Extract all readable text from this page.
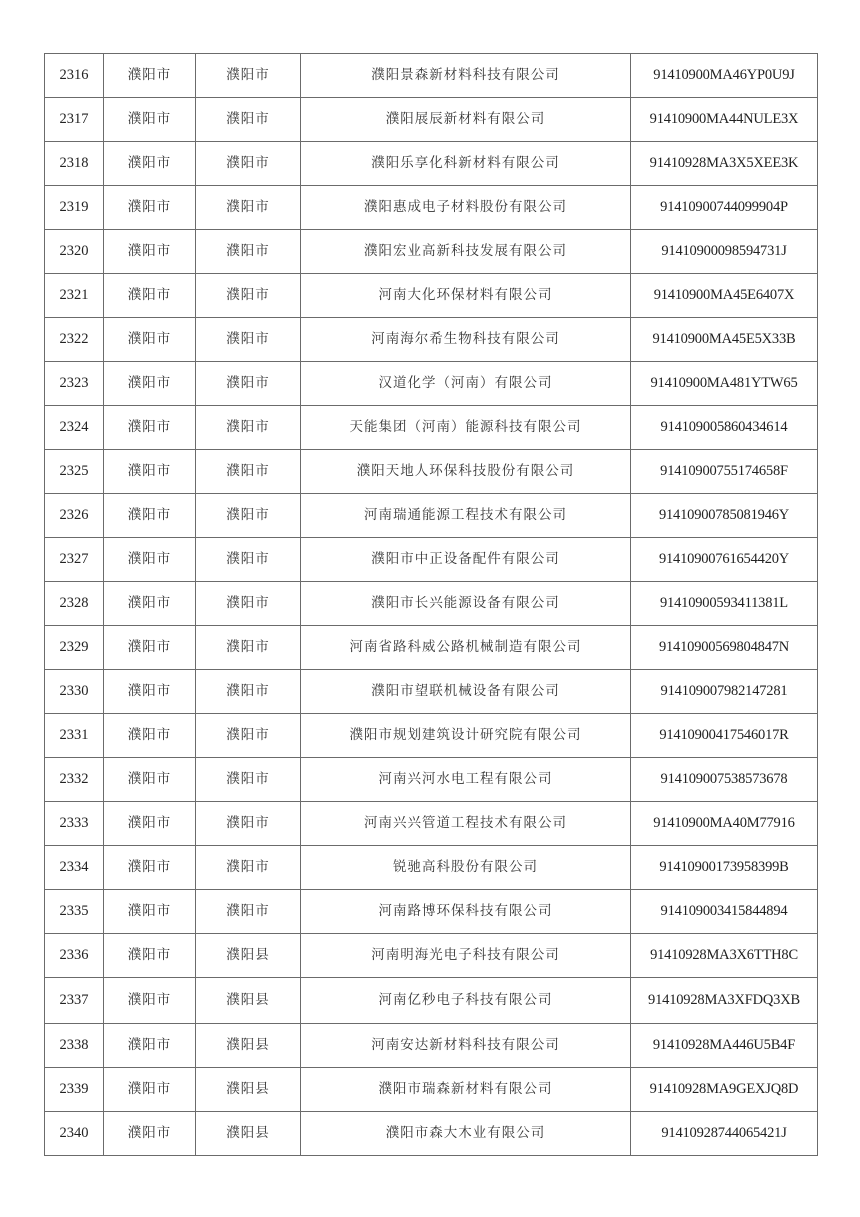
2316	濮阳市	濮阳市	濮阳景森新材料科技有限公司	91410900MA46YP0U9J
2317	濮阳市	濮阳市	濮阳展辰新材料有限公司	91410900MA44NULE3X
2318	濮阳市	濮阳市	濮阳乐享化科新材料有限公司	91410928MA3X5XEE3K
2319	濮阳市	濮阳市	濮阳惠成电子材料股份有限公司	91410900744099904P
2320	濮阳市	濮阳市	濮阳宏业高新科技发展有限公司	91410900098594731J
2321	濮阳市	濮阳市	河南大化环保材料有限公司	91410900MA45E6407X
2322	濮阳市	濮阳市	河南海尔希生物科技有限公司	91410900MA45E5X33B
2323	濮阳市	濮阳市	汉道化学（河南）有限公司	91410900MA481YTW65
2324	濮阳市	濮阳市	天能集团（河南）能源科技有限公司	914109005860434614
2325	濮阳市	濮阳市	濮阳天地人环保科技股份有限公司	91410900755174658F
2326	濮阳市	濮阳市	河南瑞通能源工程技术有限公司	91410900785081946Y
2327	濮阳市	濮阳市	濮阳市中正设备配件有限公司	91410900761654420Y
2328	濮阳市	濮阳市	濮阳市长兴能源设备有限公司	91410900593411381L
2329	濮阳市	濮阳市	河南省路科威公路机械制造有限公司	91410900569804847N
2330	濮阳市	濮阳市	濮阳市望联机械设备有限公司	914109007982147281
2331	濮阳市	濮阳市	濮阳市规划建筑设计研究院有限公司	91410900417546017R
2332	濮阳市	濮阳市	河南兴河水电工程有限公司	914109007538573678
2333	濮阳市	濮阳市	河南兴兴管道工程技术有限公司	91410900MA40M77916
2334	濮阳市	濮阳市	锐驰高科股份有限公司	91410900173958399B
2335	濮阳市	濮阳市	河南路博环保科技有限公司	914109003415844894
2336	濮阳市	濮阳县	河南明海光电子科技有限公司	91410928MA3X6TTH8C
2337	濮阳市	濮阳县	河南亿秒电子科技有限公司	91410928MA3XFDQ3XB
2338	濮阳市	濮阳县	河南安达新材料科技有限公司	91410928MA446U5B4F
2339	濮阳市	濮阳县	濮阳市瑞森新材料有限公司	91410928MA9GEXJQ8D
2340	濮阳市	濮阳县	濮阳市森大木业有限公司	91410928744065421J
